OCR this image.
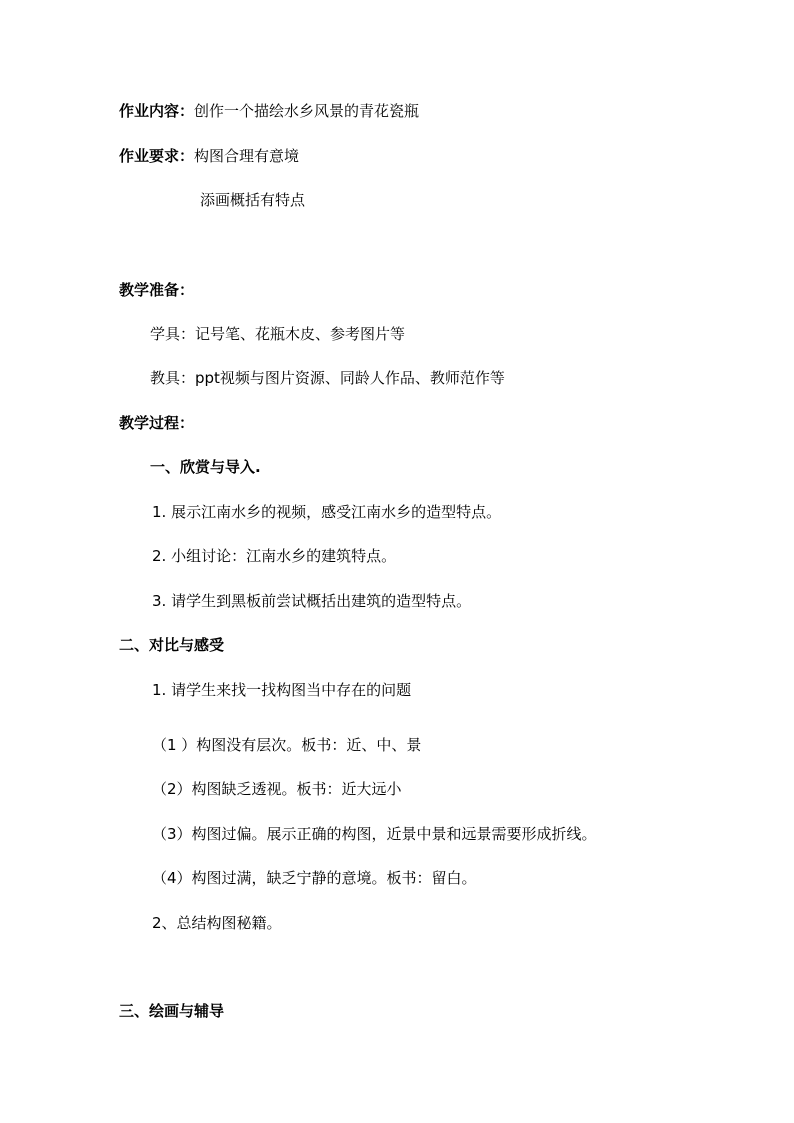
作业内容：创作一个描绘水乡风景的青花瓷瓶
作业要求：构图合理有意境
添画概括有特点
教学准备：
学具：记号笔、花瓶木皮、参考图片等
教具：ppt视频与图片资源、同龄人作品、教师范作等
教学过程：
一、欣赏与导入.
1. 展示江南水乡的视频，感受江南水乡的造型特点。
2. 小组讨论：江南水乡的建筑特点。
3. 请学生到黑板前尝试概括出建筑的造型特点。
二、对比与感受
1. 请学生来找一找构图当中存在的问题
（1 ）构图没有层次。板书：近、中、景
（2）构图缺乏透视。板书：近大远小
（3）构图过偏。展示正确的构图，近景中景和远景需要形成折线。
（4）构图过满，缺乏宁静的意境。板书：留白。
2、总结构图秘籍。
三、绘画与辅导
